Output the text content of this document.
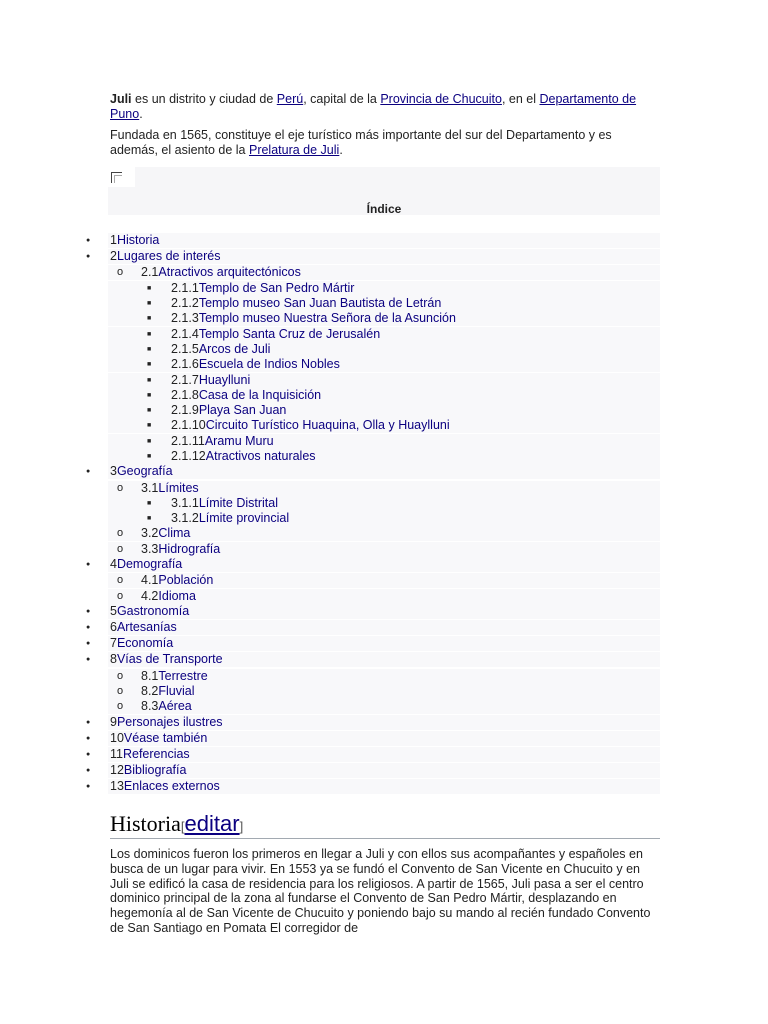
Juli es un distrito y ciudad de Perú, capital de la Provincia de Chucuito, en el Departamento de Puno.

Fundada en 1565, constituye el eje turístico más importante del sur del Departamento y es además, el asiento de la Prelatura de Juli.

Índice
● 1Historia
● 2Lugares de interés
o 2.1Atractivos arquitectónicos
■ 2.1.1Templo de San Pedro Mártir
■ 2.1.2Templo museo San Juan Bautista de Letrán
■ 2.1.3Templo museo Nuestra Señora de la Asunción
■ 2.1.4Templo Santa Cruz de Jerusalén
■ 2.1.5Arcos de Juli
■ 2.1.6Escuela de Indios Nobles
■ 2.1.7Huaylluni
■ 2.1.8Casa de la Inquisición
■ 2.1.9Playa San Juan
■ 2.1.10Circuito Turístico Huaquina, Olla y Huaylluni
■ 2.1.11Aramu Muru
■ 2.1.12Atractivos naturales
● 3Geografía
o 3.1Límites
■ 3.1.1Límite Distrital
■ 3.1.2Límite provincial
o 3.2Clima
o 3.3Hidrografía
● 4Demografía
o 4.1Población
o 4.2Idioma
● 5Gastronomía
● 6Artesanías
● 7Economía
● 8Vías de Transporte
o 8.1Terrestre
o 8.2Fluvial
o 8.3Aérea
● 9Personajes ilustres
● 10Véase también
● 11Referencias
● 12Bibliografía
● 13Enlaces externos
Historia[editar]
Los dominicos fueron los primeros en llegar a Juli y con ellos sus acompañantes y españoles en busca de un lugar para vivir. En 1553 ya se fundó el Convento de San Vicente en Chucuito y en Juli se edificó la casa de residencia para los religiosos. A partir de 1565, Juli pasa a ser el centro dominico principal de la zona al fundarse el Convento de San Pedro Mártir, desplazando en hegemonía al de San Vicente de Chucuito y poniendo bajo su mando al recién fundado Convento de San Santiago en Pomata El corregidor de
